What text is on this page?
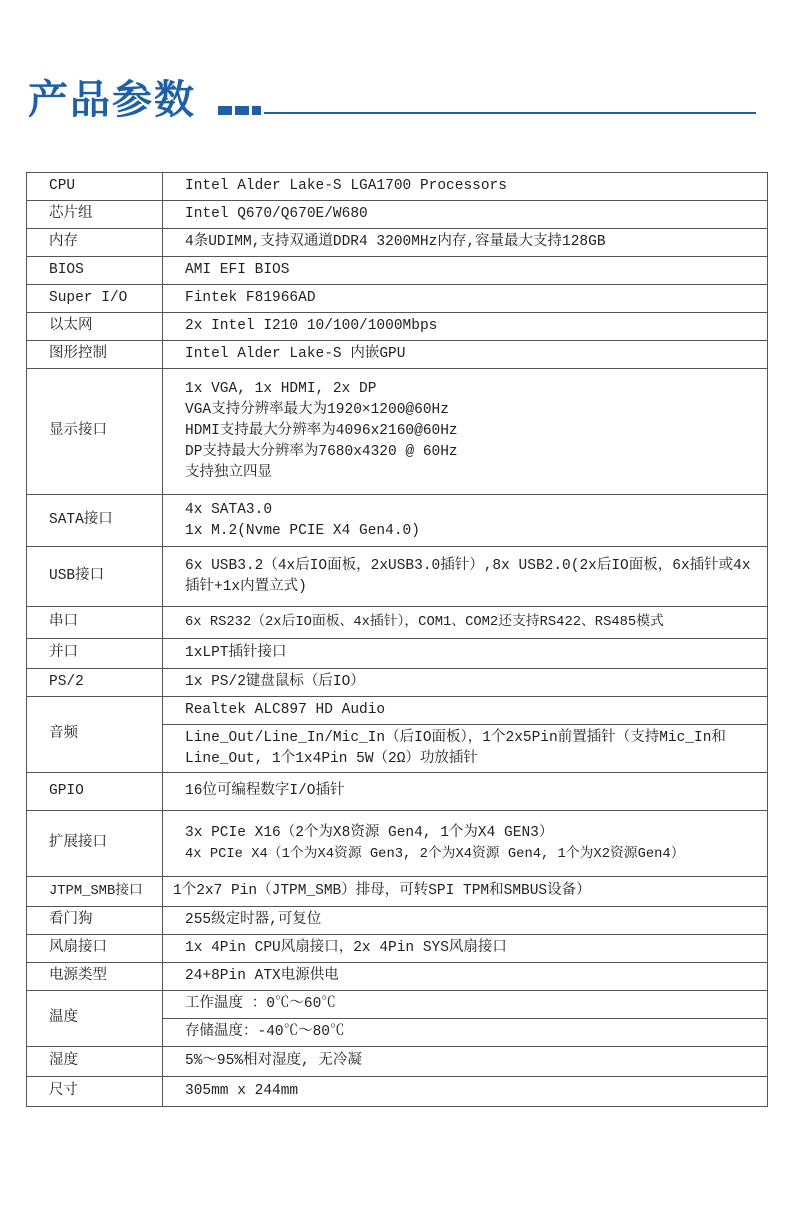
产品参数
CPU	Intel Alder Lake-S LGA1700 Processors

芯片组	Intel Q670/Q670E/W680

内存	4条UDIMM,支持双通道DDR4 3200MHz内存,容量最大支持128GB

BIOS	AMI EFI BIOS

Super I/O	Fintek F81966AD

以太网	2x Intel I210 10/100/1000Mbps

图形控制	Intel Alder Lake-S 内嵌GPU

显示接口	1x VGA, 1x HDMI, 2x DP
VGA支持分辨率最大为1920×1200@60Hz
HDMI支持最大分辨率为4096x2160@60Hz
DP支持最大分辨率为7680x4320 @ 60Hz
支持独立四显

SATA接口	4x SATA3.0
1x M.2(Nvme PCIE X4 Gen4.0)

USB接口	6x USB3.2（4x后IO面板，2xUSB3.0插针）,8x USB2.0(2x后IO面板，6x插针或4x插针+1x内置立式)
串口	6x RS232（2x后IO面板、4x插针），COM1、COM2还支持RS422、RS485模式

并口	1xLPT插针接口

PS/2	1x PS/2键盘鼠标（后IO）

音频	Realtek ALC897 HD Audio

	Line_Out/Line_In/Mic_In（后IO面板），1个2x5Pin前置插针（支持Mic_In和Line_Out, 1个1x4Pin 5W（2Ω）功放插针
GPIO	16位可编程数字I/O插针

扩展接口	3x PCIe X16（2个为X8资源 Gen4, 1个为X4 GEN3）
4x PCIe X4（1个为X4资源 Gen3, 2个为X4资源 Gen4, 1个为X2资源Gen4）

JTPM_SMB接口	1个2x7 Pin（JTPM_SMB）排母，可转SPI TPM和SMBUS设备）

看门狗	255级定时器,可复位

风扇接口	1x 4Pin CPU风扇接口，2x 4Pin SYS风扇接口

电源类型	24+8Pin ATX电源供电

温度	工作温度 ：0℃～60℃

	存储温度：-40℃～80℃

湿度	5%～95%相对湿度, 无冷凝

尺寸	305mm x 244mm
